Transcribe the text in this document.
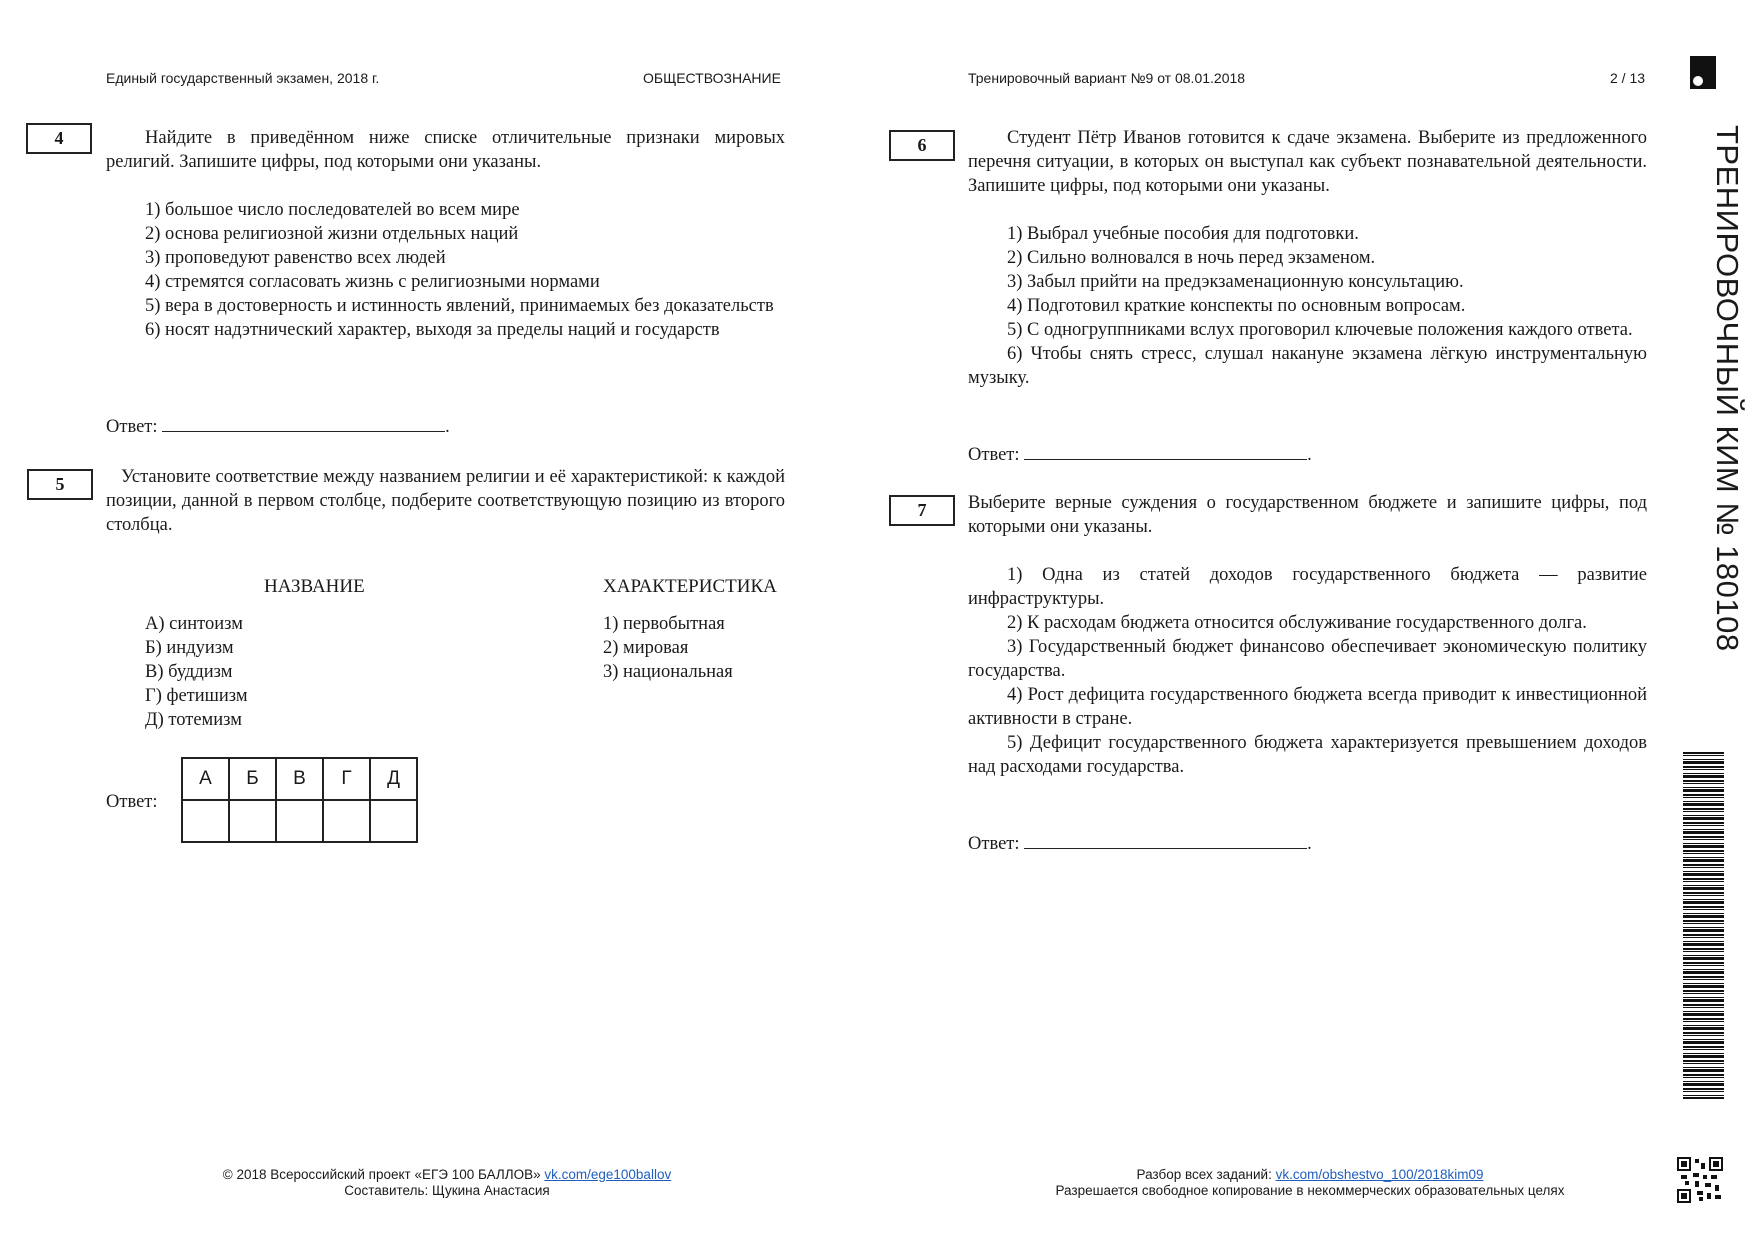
Единый государственный экзамен, 2018 г.	ОБЩЕСТВОЗНАНИЕ	Тренировочный вариант №9 от 08.01.2018	2 / 13
ТРЕНИРОВОЧНЫЙ КИМ № 180108
4	Найдите в приведённом ниже списке отличительные признаки мировых религий. Запишите цифры, под которыми они указаны.

1) большое число последователей во всем мире
2) основа религиозной жизни отдельных наций
3) проповедуют равенство всех людей
4) стремятся согласовать жизнь с религиозными нормами
5) вера в достоверность и истинность явлений, принимаемых без доказательств
6) носят надэтнический характер, выходя за пределы наций и государств
Ответ:	.
5	Установите соответствие между названием религии и её характеристикой: к каждой позиции, данной в первом столбце, подберите соответствующую позицию из второго столбца.

НАЗВАНИЕ	ХАРАКТЕРИСТИКА
А) синтоизм
Б) индуизм
В) буддизм
Г) фетишизм
Д) тотемизм
1) первобытная
2) мировая
3) национальная
Ответ:
А	Б	В	Г	Д

6	Студент Пётр Иванов готовится к сдаче экзамена. Выберите из предложенного перечня ситуации, в которых он выступал как субъект познавательной деятельности. Запишите цифры, под которыми они указаны.

1) Выбрал учебные пособия для подготовки.
2) Сильно волновался в ночь перед экзаменом.
3) Забыл прийти на предэкзаменационную консультацию.
4) Подготовил краткие конспекты по основным вопросам.
5) С одногруппниками вслух проговорил ключевые положения каждого ответа.
6) Чтобы снять стресс, слушал накануне экзамена лёгкую инструментальную музыку.
Ответ:	.
7	Выберите верные суждения о государственном бюджете и запишите цифры, под которыми они указаны.

1) Одна из статей доходов государственного бюджета — развитие инфраструктуры.
2) К расходам бюджета относится обслуживание государственного долга.
3) Государственный бюджет финансово обеспечивает экономическую политику государства.
4) Рост дефицита государственного бюджета всегда приводит к инвестиционной активности в стране.
5) Дефицит государственного бюджета характеризуется превышением доходов над расходами государства.
Ответ:	.
© 2018 Всероссийский проект «ЕГЭ 100 БАЛЛОВ» vk.com/ege100ballov
Составитель: Щукина Анастасия
Разбор всех заданий: vk.com/obshestvo_100/2018kim09
Разрешается свободное копирование в некоммерческих образовательных целях
